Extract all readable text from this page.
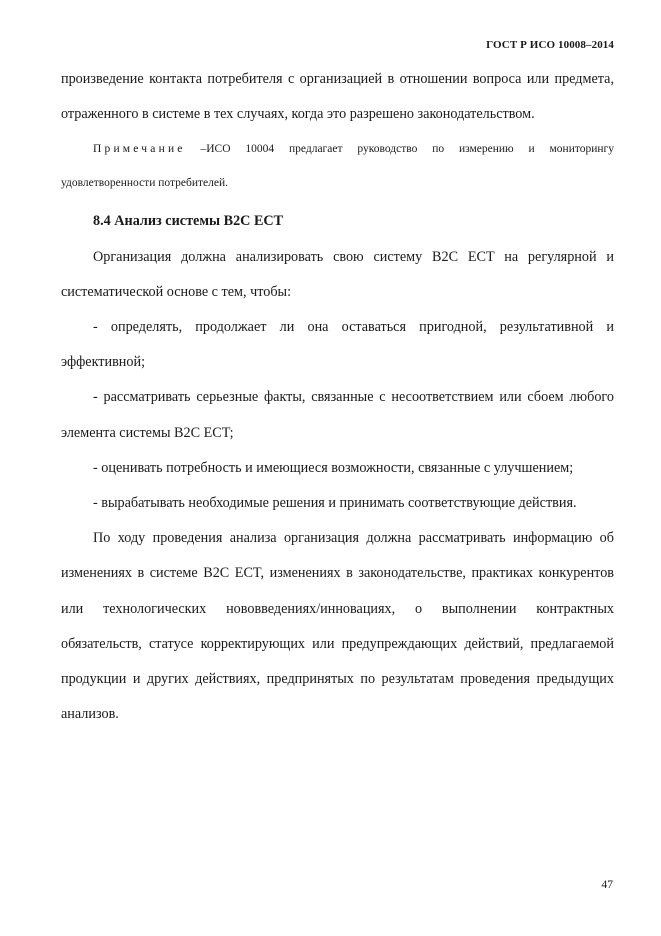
ГОСТ Р ИСО 10008–2014

произведение контакта потребителя с организацией в отношении вопроса или предмета, отраженного в системе в тех случаях, когда это разрешено законодательством.

Примечание –ИСО 10004 предлагает руководство по измерению и мониторингу удовлетворенности потребителей.

8.4 Анализ системы B2C ECT

Организация должна анализировать свою систему B2C ECT на регулярной и систематической основе с тем, чтобы:

- определять, продолжает ли она оставаться пригодной, результативной и эффективной;

- рассматривать серьезные факты, связанные с несоответствием или сбоем любого элемента системы B2C ECT;

- оценивать потребность и имеющиеся возможности, связанные с улучшением;

- вырабатывать необходимые решения и принимать соответствующие действия.

По ходу проведения анализа организация должна рассматривать информацию об изменениях в системе B2C ECT, изменениях в законодательстве, практиках конкурентов или технологических нововведениях/инновациях, о выполнении контрактных обязательств, статусе корректирующих или предупреждающих действий, предлагаемой продукции и других действиях, предпринятых по результатам проведения предыдущих анализов.

47
